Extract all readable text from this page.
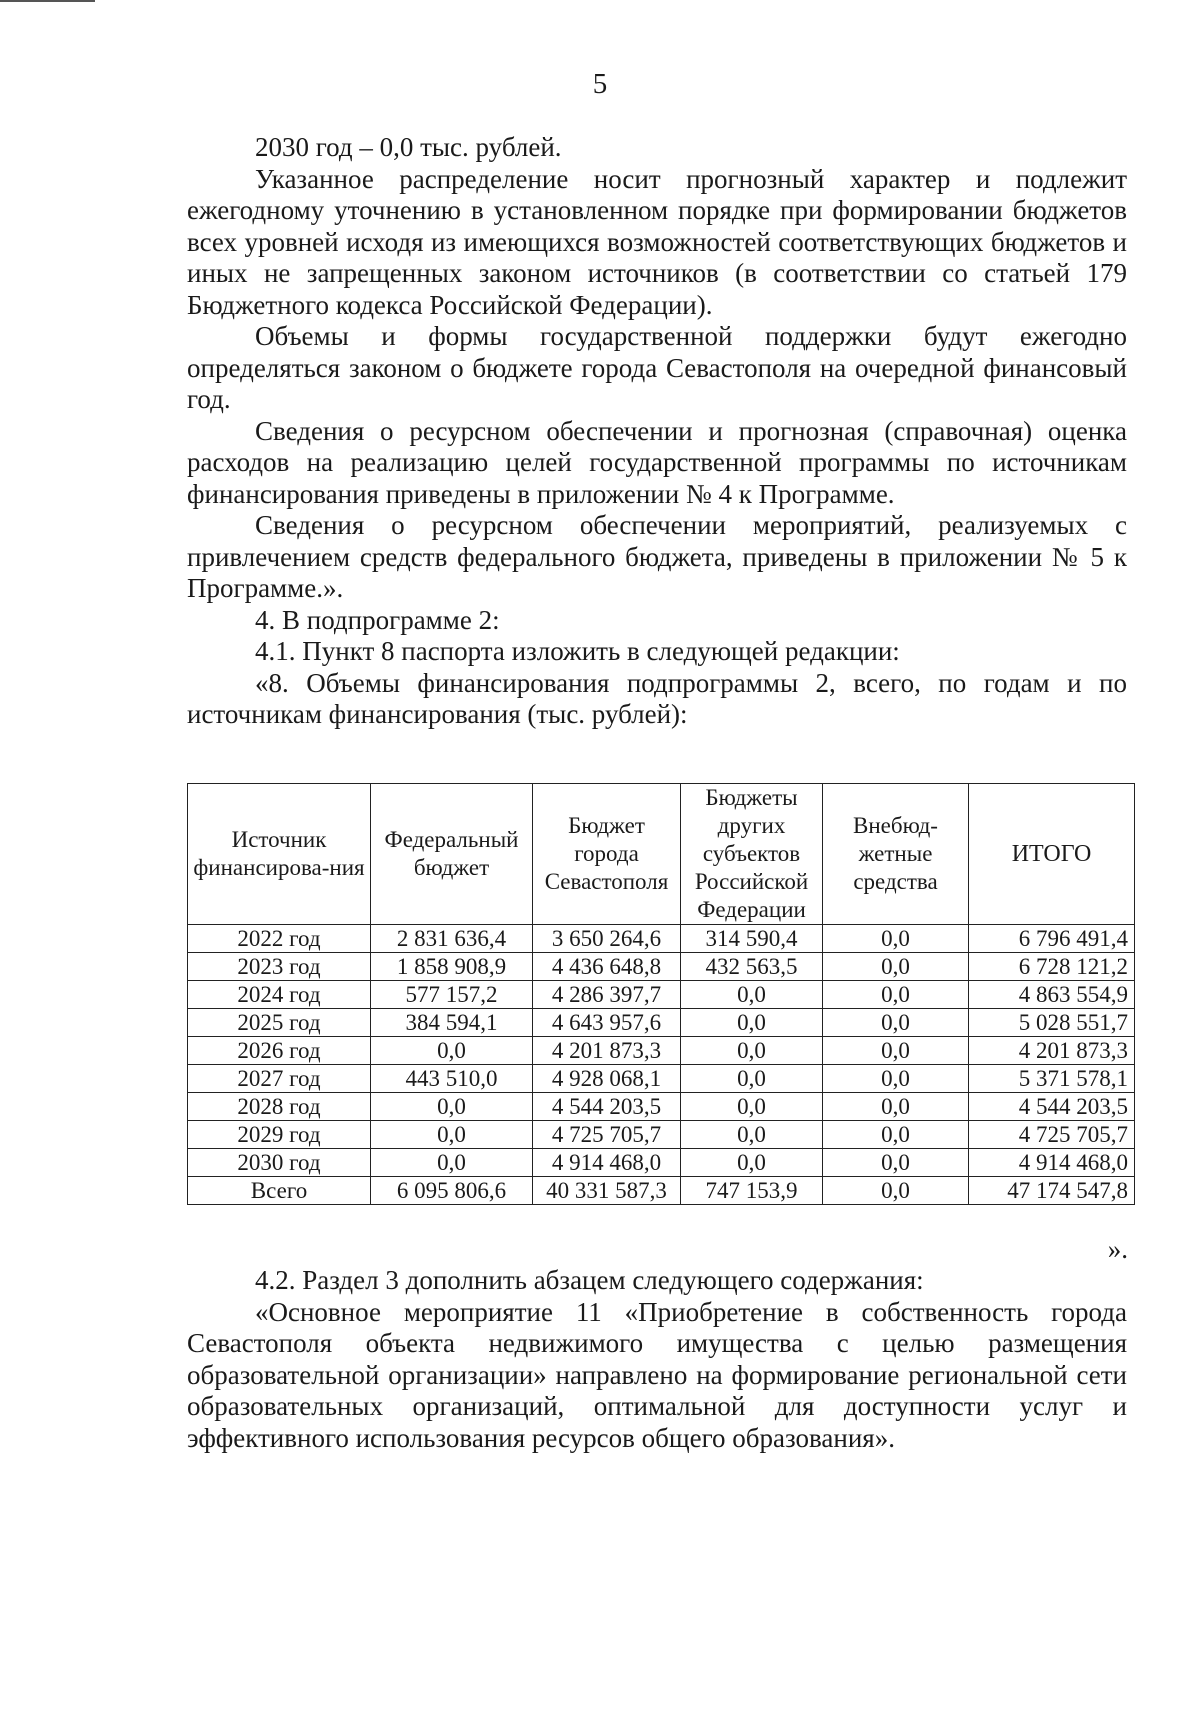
5

2030 год – 0,0 тыс. рублей.

Указанное распределение носит прогнозный характер и подлежит ежегодному уточнению в установленном порядке при формировании бюджетов всех уровней исходя из имеющихся возможностей соответствующих бюджетов и иных не запрещенных законом источников (в соответствии со статьей 179 Бюджетного кодекса Российской Федерации).

Объемы и формы государственной поддержки будут ежегодно определяться законом о бюджете города Севастополя на очередной финансовый год.

Сведения о ресурсном обеспечении и прогнозная (справочная) оценка расходов на реализацию целей государственной программы по источникам финансирования приведены в приложении № 4 к Программе.

Сведения о ресурсном обеспечении мероприятий, реализуемых с привлечением средств федерального бюджета, приведены в приложении № 5 к Программе.».

4. В подпрограмме 2:

4.1. Пункт 8 паспорта изложить в следующей редакции:

«8. Объемы финансирования подпрограммы 2, всего, по годам и по источникам финансирования (тыс. рублей):

Источник финансирова-ния	Федеральный бюджет	Бюджет города Севастополя	Бюджеты других субъектов Российской Федерации	Внебюд-жетные средства	ИТОГО
2022 год	2 831 636,4	3 650 264,6	314 590,4	0,0	6 796 491,4
2023 год	1 858 908,9	4 436 648,8	432 563,5	0,0	6 728 121,2
2024 год	577 157,2	4 286 397,7	0,0	0,0	4 863 554,9
2025 год	384 594,1	4 643 957,6	0,0	0,0	5 028 551,7
2026 год	0,0	4 201 873,3	0,0	0,0	4 201 873,3
2027 год	443 510,0	4 928 068,1	0,0	0,0	5 371 578,1
2028 год	0,0	4 544 203,5	0,0	0,0	4 544 203,5
2029 год	0,0	4 725 705,7	0,0	0,0	4 725 705,7
2030 год	0,0	4 914 468,0	0,0	0,0	4 914 468,0
Всего	6 095 806,6	40 331 587,3	747 153,9	0,0	47 174 547,8
».

4.2. Раздел 3 дополнить абзацем следующего содержания:

«Основное мероприятие 11 «Приобретение в собственность города Севастополя объекта недвижимого имущества с целью размещения образовательной организации» направлено на формирование региональной сети образовательных организаций, оптимальной для доступности услуг и эффективного использования ресурсов общего образования».
